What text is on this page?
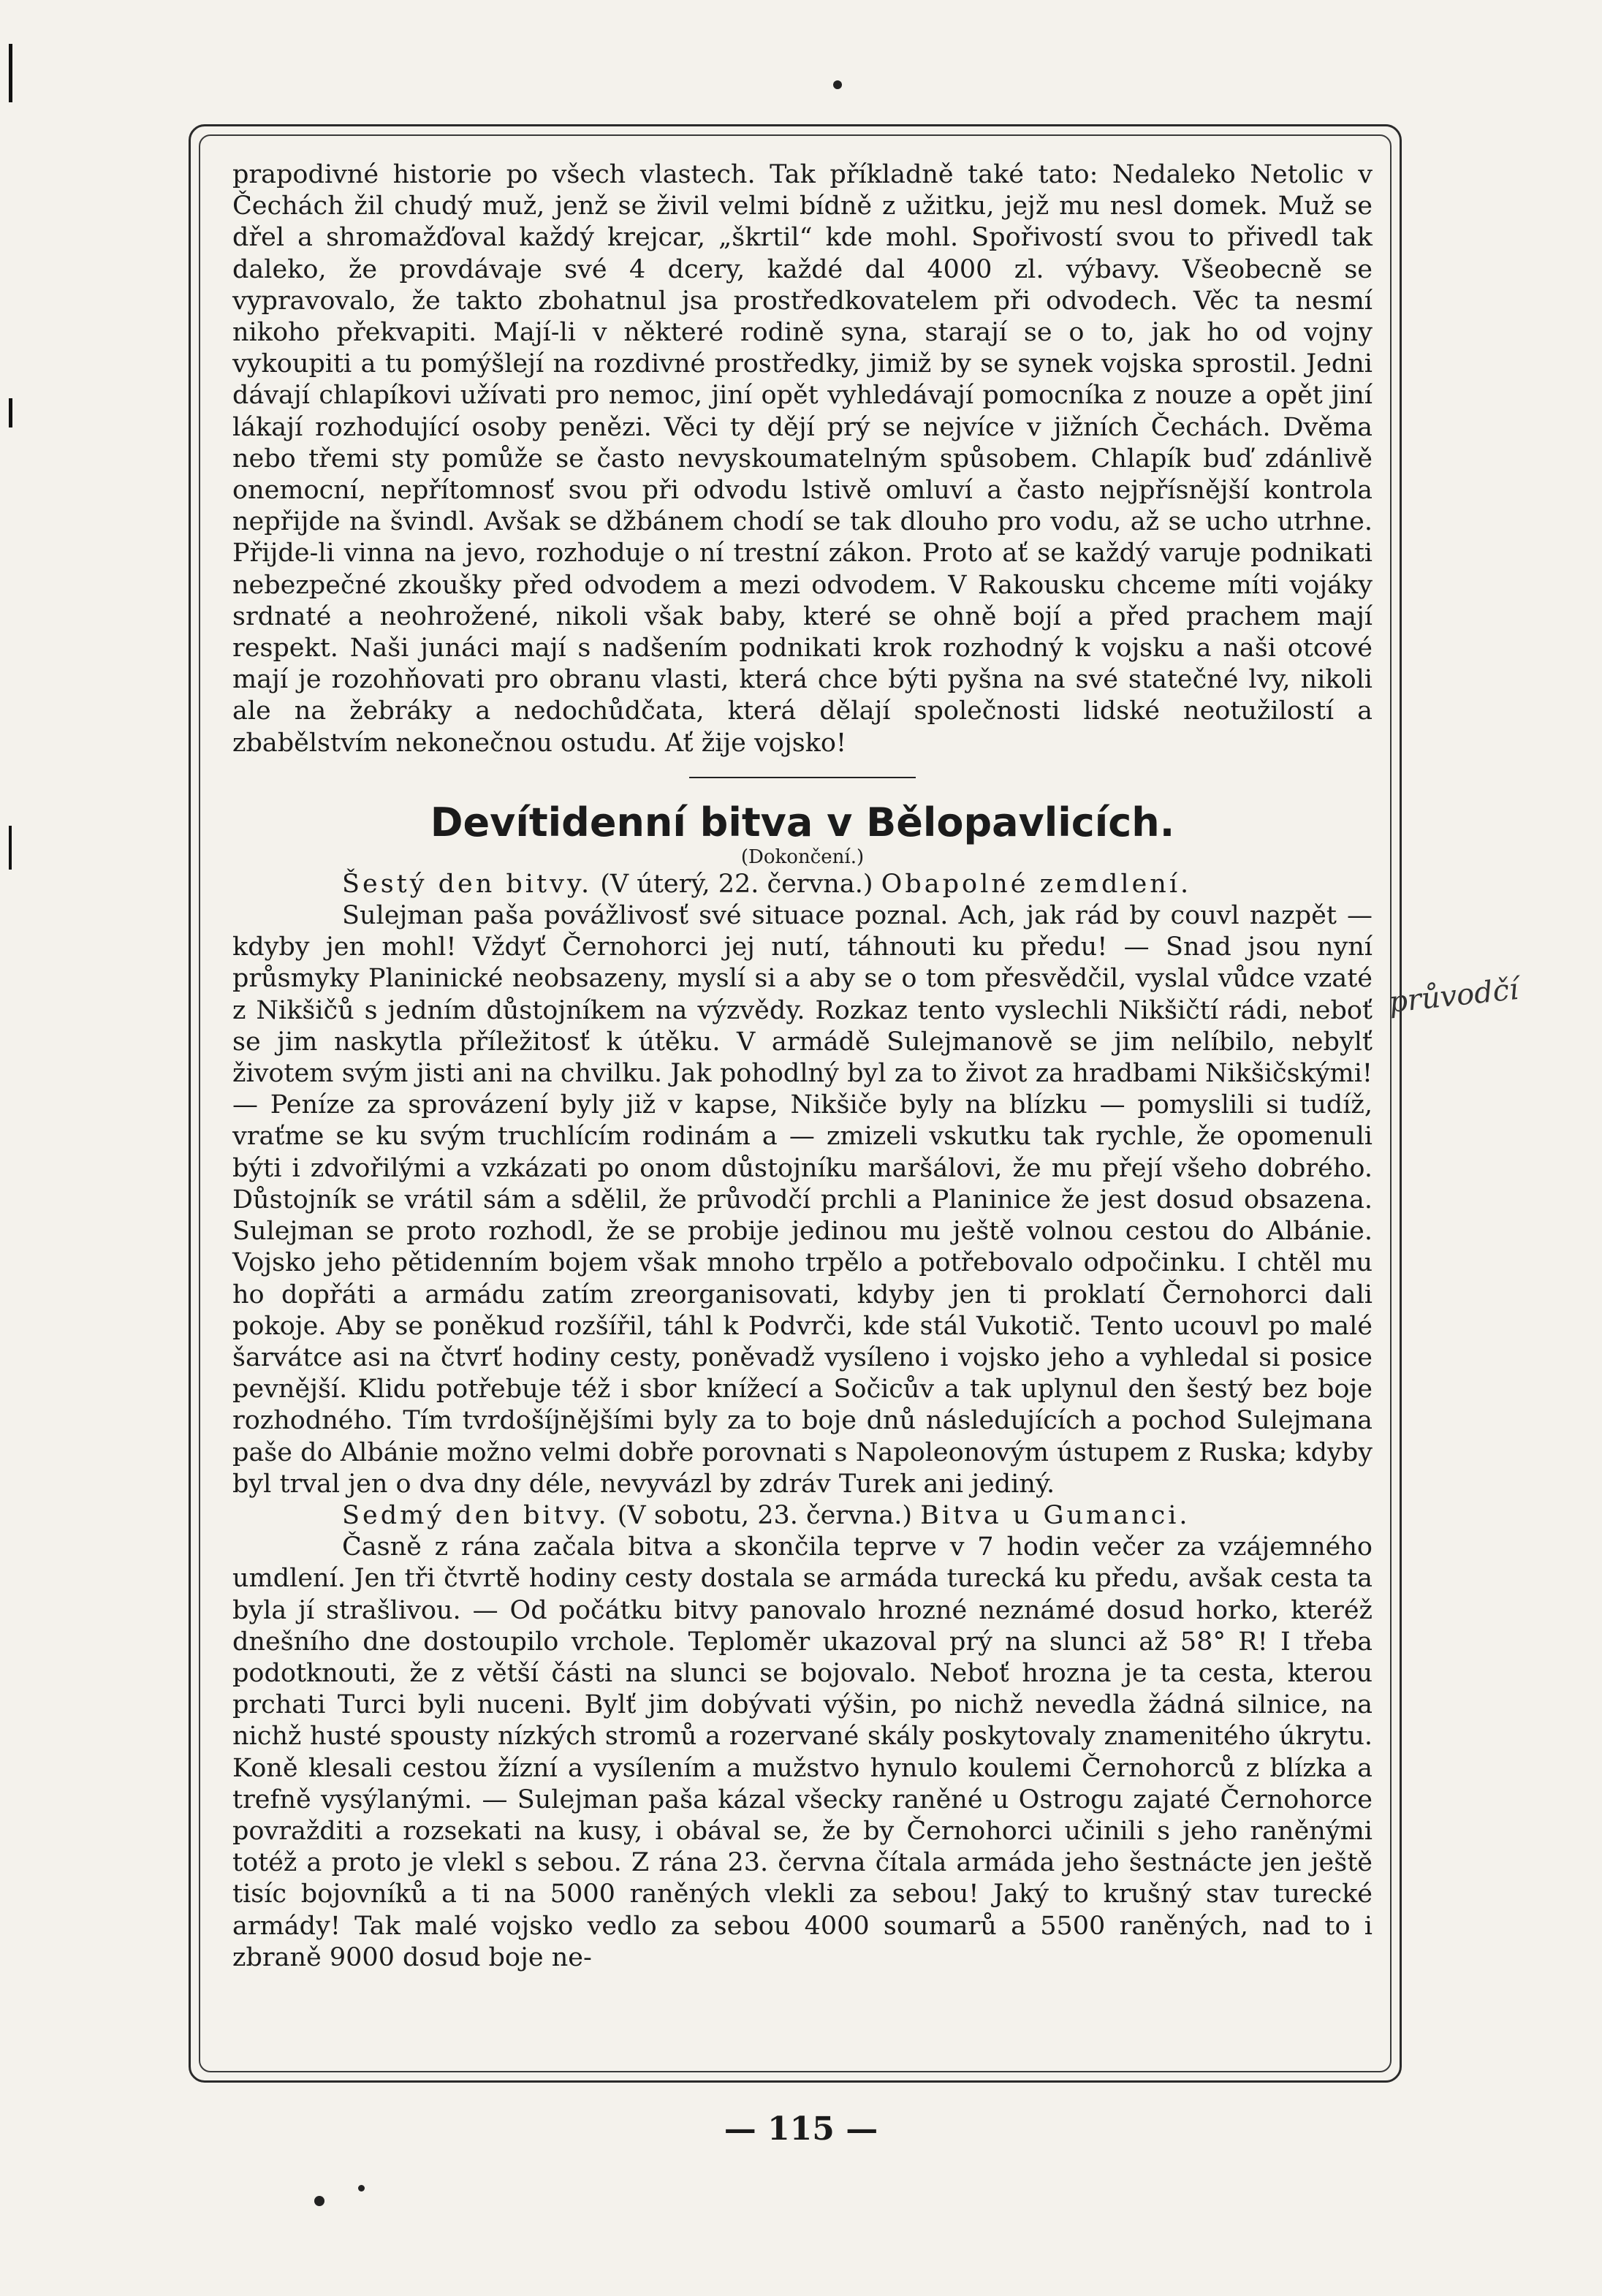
prapodivné historie po všech vlastech. Tak příkladně také tato: Nedaleko Netolic v Čechách žil chudý muž, jenž se živil velmi bídně z užitku, jejž mu nesl domek. Muž se dřel a shromažďoval každý krejcar, „škrtil“ kde mohl. Spořivostí svou to přivedl tak daleko, že provdávaje své 4 dcery, každé dal 4000 zl. výbavy. Všeobecně se vypravovalo, že takto zbohatnul jsa prostředkovatelem při odvodech. Věc ta nesmí nikoho překvapiti. Mají-li v některé rodině syna, starají se o to, jak ho od vojny vykoupiti a tu pomýšlejí na rozdivné prostředky, jimiž by se synek vojska sprostil. Jedni dávají chlapíkovi užívati pro nemoc, jiní opět vyhledávají pomocníka z nouze a opět jiní lákají rozhodující osoby penězi. Věci ty dějí prý se nejvíce v jižních Čechách. Dvěma nebo třemi sty pomůže se často nevyskoumatelným spůsobem. Chlapík buď zdánlivě onemocní, nepřítomnosť svou při odvodu lstivě omluví a často nejpřísnější kontrola nepřijde na švindl. Avšak se džbánem chodí se tak dlouho pro vodu, až se ucho utrhne. Přijde-li vinna na jevo, rozhoduje o ní trestní zákon. Proto ať se každý varuje podnikati nebezpečné zkoušky před odvodem a mezi odvodem. V Rakousku chceme míti vojáky srdnaté a neohrožené, nikoli však baby, které se ohně bojí a před prachem mají respekt. Naši junáci mají s nadšením podnikati krok rozhodný k vojsku a naši otcové mají je rozohňovati pro obranu vlasti, která chce býti pyšna na své statečné lvy, nikoli ale na žebráky a nedochůdčata, která dělají společnosti lidské neotužilostí a zbabělstvím nekonečnou ostudu. Ať žije vojsko!

Devítidenní bitva v Bělopavlicích.

(Dokončení.)

Šestý den bitvy. (V úterý, 22. června.) Obapolné zemdlení.

Sulejman paša povážlivosť své situace poznal. Ach, jak rád by couvl nazpět — kdyby jen mohl! Vždyť Černohorci jej nutí, táhnouti ku předu! — Snad jsou nyní průsmyky Planinické neobsazeny, myslí si a aby se o tom přesvědčil, vyslal vůdce vzaté z Nikšičů s jedním důstojníkem na výzvědy. Rozkaz tento vyslechli Nikšičtí rádi, neboť se jim naskytla příležitosť k útěku. V armádě Sulejmanově se jim nelíbilo, nebylť životem svým jisti ani na chvilku. Jak pohodlný byl za to život za hradbami Nikšičskými! — Peníze za sprovázení byly již v kapse, Nikšiče byly na blízku — pomyslili si tudíž, vraťme se ku svým truchlícím rodinám a — zmizeli vskutku tak rychle, že opomenuli býti i zdvořilými a vzkázati po onom důstojníku maršálovi, že mu přejí všeho dobrého. Důstojník se vrátil sám a sdělil, že průvodčí prchli a Planinice že jest dosud obsazena. Sulejman se proto rozhodl, že se probije jedinou mu ještě volnou cestou do Albánie. Vojsko jeho pětidenním bojem však mnoho trpělo a potřebovalo odpočinku. I chtěl mu ho dopřáti a armádu zatím zreorganisovati, kdyby jen ti proklatí Černohorci dali pokoje. Aby se poněkud rozšířil, táhl k Podvrči, kde stál Vukotič. Tento ucouvl po malé šarvátce asi na čtvrť hodiny cesty, poněvadž vysíleno i vojsko jeho a vyhledal si posice pevnější. Klidu potřebuje též i sbor knížecí a Sočicův a tak uplynul den šestý bez boje rozhodného. Tím tvrdošíjnějšími byly za to boje dnů následujících a pochod Sulejmana paše do Albánie možno velmi dobře porovnati s Napoleonovým ústupem z Ruska; kdyby byl trval jen o dva dny déle, nevyvázl by zdráv Turek ani jediný.

Sedmý den bitvy. (V sobotu, 23. června.) Bitva u Gumanci.

Časně z rána začala bitva a skončila teprve v 7 hodin večer za vzájemného umdlení. Jen tři čtvrtě hodiny cesty dostala se armáda turecká ku předu, avšak cesta ta byla jí strašlivou. — Od počátku bitvy panovalo hrozné neznámé dosud horko, kteréž dnešního dne dostoupilo vrchole. Teploměr ukazoval prý na slunci až 58° R! I třeba podotknouti, že z větší části na slunci se bojovalo. Neboť hrozna je ta cesta, kterou prchati Turci byli nuceni. Bylť jim dobývati výšin, po nichž nevedla žádná silnice, na nichž husté spousty nízkých stromů a rozervané skály poskytovaly znamenitého úkrytu. Koně klesali cestou žízní a vysílením a mužstvo hynulo koulemi Černohorců z blízka a trefně vysýlanými. — Sulejman paša kázal všecky raněné u Ostrogu zajaté Černohorce povražditi a rozsekati na kusy, i obával se, že by Černohorci učinili s jeho raněnými totéž a proto je vlekl s sebou. Z rána 23. června čítala armáda jeho šestnácte jen ještě tisíc bojovníků a ti na 5000 raněných vlekli za sebou! Jaký to krušný stav turecké armády! Tak malé vojsko vedlo za sebou 4000 soumarů a 5500 raněných, nad to i zbraně 9000 dosud boje ne-

průvodčí
— 115 —
